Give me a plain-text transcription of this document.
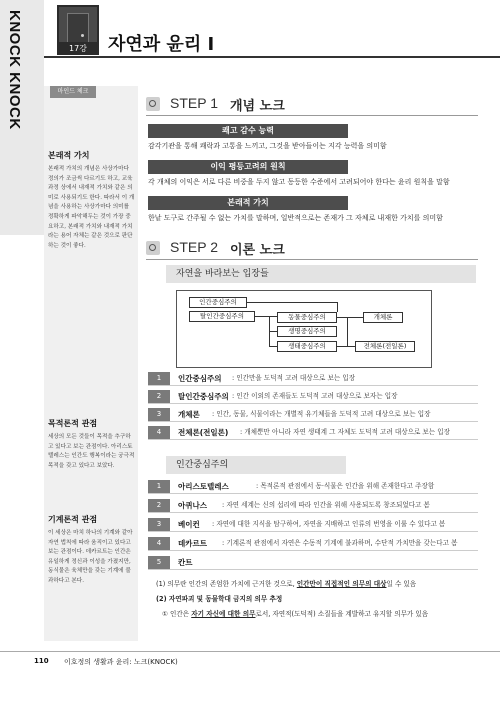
KNOCK KNOCK	17강	자연과 윤리 I
마인드 체크
본래적 가치
본래적 가치의 개념은 사상가마다 정의가 조금씩 다르기도 하고, 교육과정 상에서 내재적 가치와 같은 의미로 사용되기도 한다. 따라서 이 개념을 사용하는 사상가마다 의미를 정확하게 파악해두는 것이 가장 중요하고, 본래적 가치와 내재적 가치라는 용어 자체는 같은 것으로 판단하는 것이 좋다.
목적론적 관점
세상의 모든 것들이 목적을 추구하고 있다고 보는 관점이다. 아리스토텔레스는 인간도 행복이라는 궁극적 목적을 갖고 있다고 보았다.
기계론적 관점
이 세상은 마치 하나의 기계와 같아 자연 법칙에 따라 움직이고 있다고 보는 관점이다. 데카르트는 인간은 유일하게 정신과 이성을 가졌지만, 동식물은 육체만을 갖는 기계에 불과하다고 본다.
STEP 1 개념 노크
쾌고 감수 능력
감각기관을 통해 쾌락과 고통을 느끼고, 그것을 받아들이는 지각 능력을 의미함
이익 평등고려의 원칙
각 개체의 이익은 서로 다른 비중을 두지 않고 동등한 수준에서 고려되어야 한다는 윤리 원칙을 말함
본래적 가치
한낱 도구로 간주될 수 없는 가치를 말하며, 일반적으로는 존재가 그 자체로 내재한 가치를 의미함
STEP 2 이론 노크
자연을 바라보는 입장들
인간중심주의
탈인간중심주의	동물중심주의
생명중심주의
생태중심주의
개체론
전체론(전일론)
1	인간중심주의 : 인간만을 도덕적 고려 대상으로 보는 입장
2	탈인간중심주의 : 인간 이외의 존재들도 도덕적 고려 대상으로 보자는 입장
3	개체론 : 인간, 동물, 식물이라는 개별적 유기체들을 도덕적 고려 대상으로 보는 입장
4	전체론(전일론) : 개체뿐만 아니라 자연 생태계 그 자체도 도덕적 고려 대상으로 보는 입장
인간중심주의
1	아리스토텔레스	: 목적론적 관점에서 동·식물은 인간을 위해 존재한다고 주장함
2	아퀴나스 : 자연 세계는 신의 섭리에 따라 인간을 위해 사용되도록 창조되었다고 봄
3	베이컨 : 자연에 대한 지식을 탐구하여, 자연을 지배하고 인류의 번영을 이룰 수 있다고 봄
4	데카르트 : 기계론적 관점에서 자연은 수동적 기계에 불과하며, 수단적 가치만을 갖는다고 봄
5	칸트
(1) 의무란 인간의 존엄한 가치에 근거한 것으로, 인간만이 직접적인 의무의 대상일 수 있음
(2) 자연파괴 및 동물학대 금지의 의무 추정
① 인간은 자기 자신에 대한 의무로서, 자연적(도덕적) 소질들을 계발하고 유지할 의무가 있음
110 이호정의 생활과 윤리: 노크(KNOCK)
